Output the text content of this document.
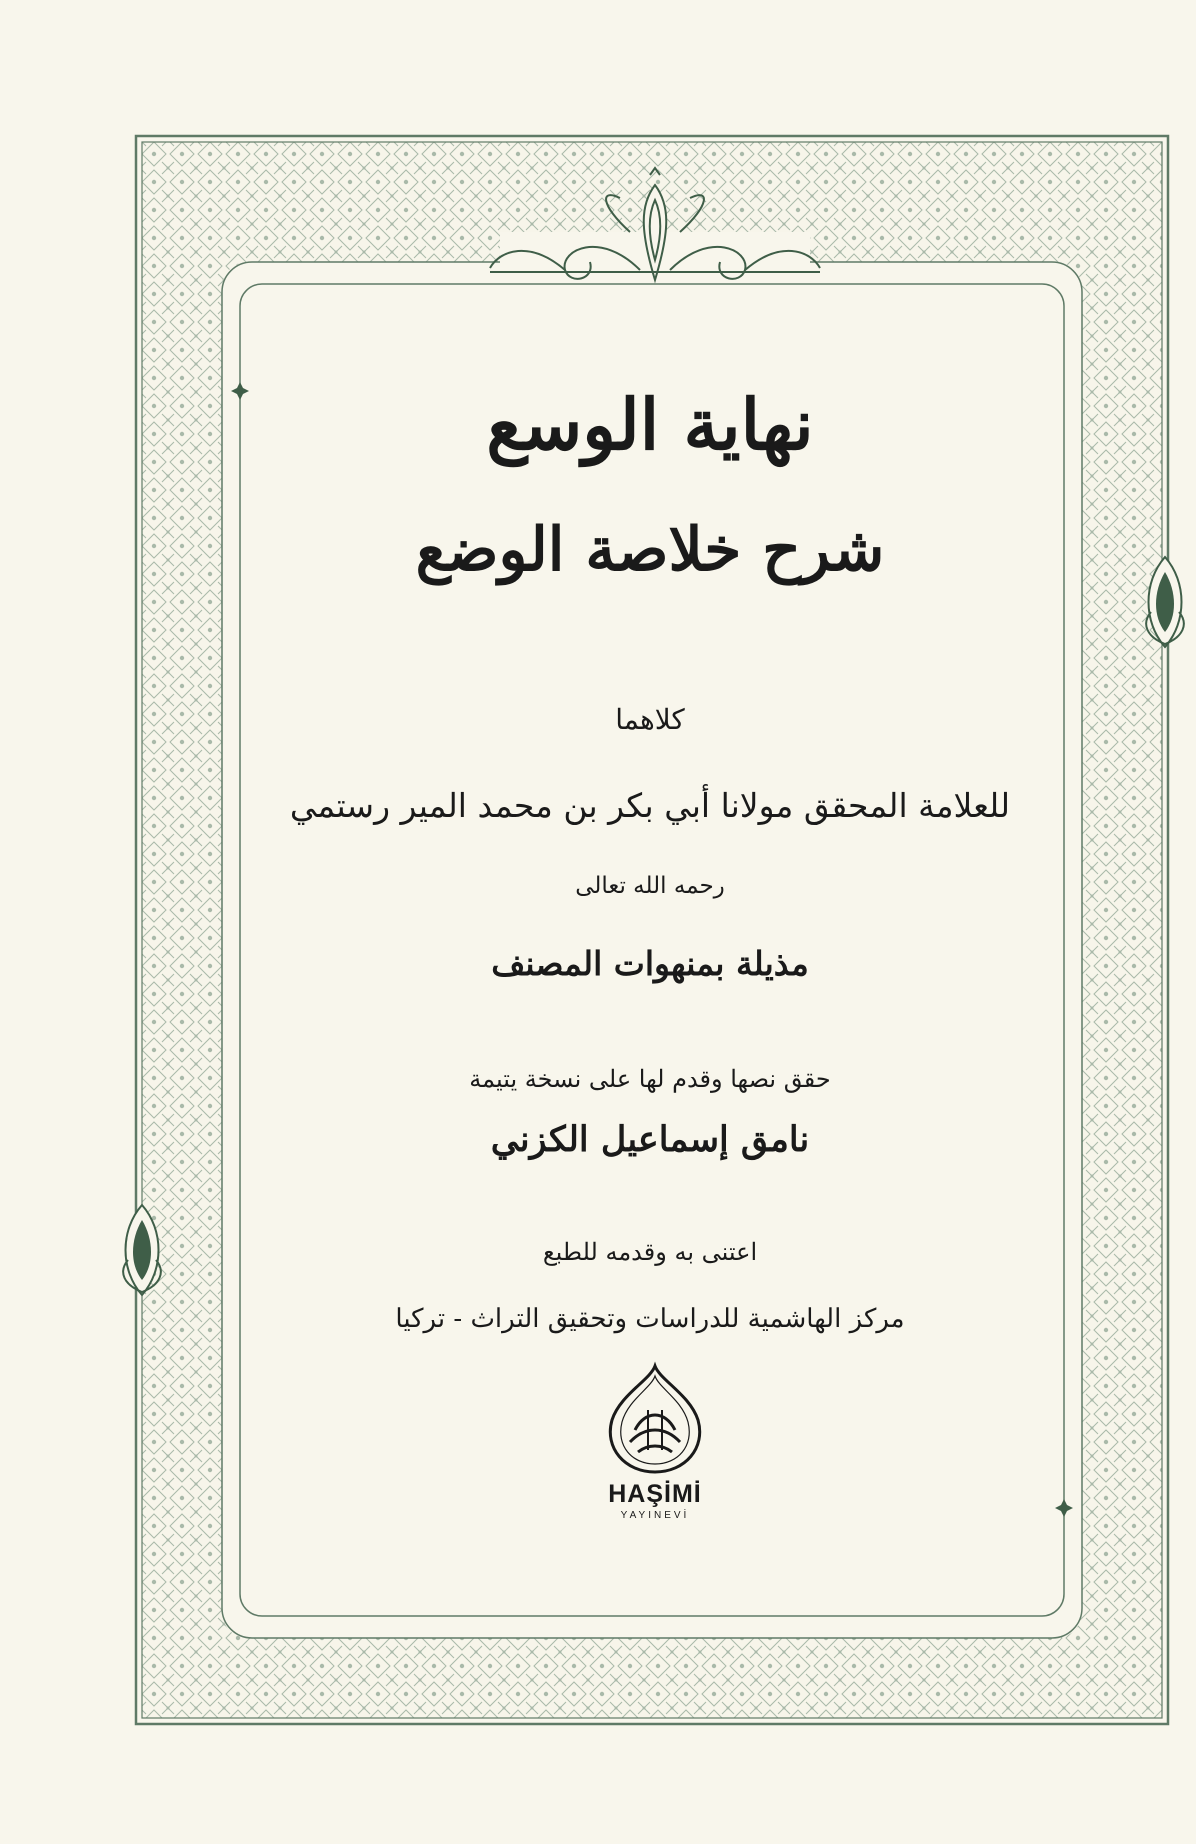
نهاية الوسع
شرح خلاصة الوضع
كلاهما
للعلامة المحقق مولانا أبي بكر بن محمد المير رستمي
رحمه الله تعالى
مذيلة بمنهوات المصنف
حقق نصها وقدم لها على نسخة يتيمة
نامق إسماعيل الكزني
اعتنى به وقدمه للطبع
مركز الهاشمية للدراسات وتحقيق التراث - تركيا
HAŞİMİ
YAYINEVİ
